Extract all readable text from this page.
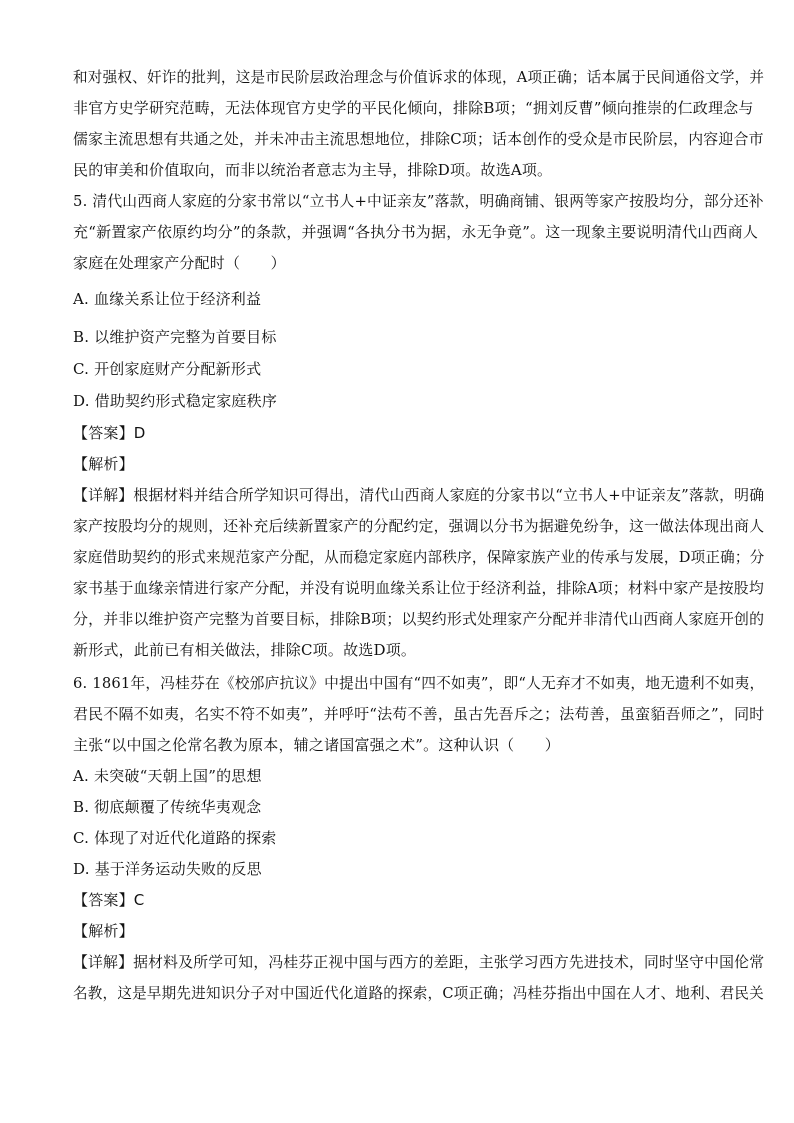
和对强权、奸诈的批判，这是市民阶层政治理念与价值诉求的体现，A项正确；话本属于民间通俗文学，并
非官方史学研究范畴，无法体现官方史学的平民化倾向，排除B项；“拥刘反曹”倾向推崇的仁政理念与
儒家主流思想有共通之处，并未冲击主流思想地位，排除C项；话本创作的受众是市民阶层，内容迎合市
民的审美和价值取向，而非以统治者意志为主导，排除D项。故选A项。
5. 清代山西商人家庭的分家书常以“立书人+中证亲友”落款，明确商铺、银两等家产按股均分，部分还补
充“新置家产依原约均分”的条款，并强调“各执分书为据，永无争竟”。这一现象主要说明清代山西商人
家庭在处理家产分配时（　　）
A. 血缘关系让位于经济利益
B. 以维护资产完整为首要目标
C. 开创家庭财产分配新形式
D. 借助契约形式稳定家庭秩序
【答案】D
【解析】
【详解】根据材料并结合所学知识可得出，清代山西商人家庭的分家书以“立书人+中证亲友”落款，明确
家产按股均分的规则，还补充后续新置家产的分配约定，强调以分书为据避免纷争，这一做法体现出商人
家庭借助契约的形式来规范家产分配，从而稳定家庭内部秩序，保障家族产业的传承与发展，D项正确；分
家书基于血缘亲情进行家产分配，并没有说明血缘关系让位于经济利益，排除A项；材料中家产是按股均
分，并非以维护资产完整为首要目标，排除B项；以契约形式处理家产分配并非清代山西商人家庭开创的
新形式，此前已有相关做法，排除C项。故选D项。
6. 1861年，冯桂芬在《校邠庐抗议》中提出中国有“四不如夷”，即“人无弃才不如夷，地无遗利不如夷，
君民不隔不如夷，名实不符不如夷”，并呼吁“法苟不善，虽古先吾斥之；法苟善，虽蛮貊吾师之”，同时
主张“以中国之伦常名教为原本，辅之诸国富强之术”。这种认识（　　）
A. 未突破“天朝上国”的思想
B. 彻底颠覆了传统华夷观念
C. 体现了对近代化道路的探索
D. 基于洋务运动失败的反思
【答案】C
【解析】
【详解】据材料及所学可知，冯桂芬正视中国与西方的差距，主张学习西方先进技术，同时坚守中国伦常
名教，这是早期先进知识分子对中国近代化道路的探索，C项正确；冯桂芬指出中国在人才、地利、君民关
